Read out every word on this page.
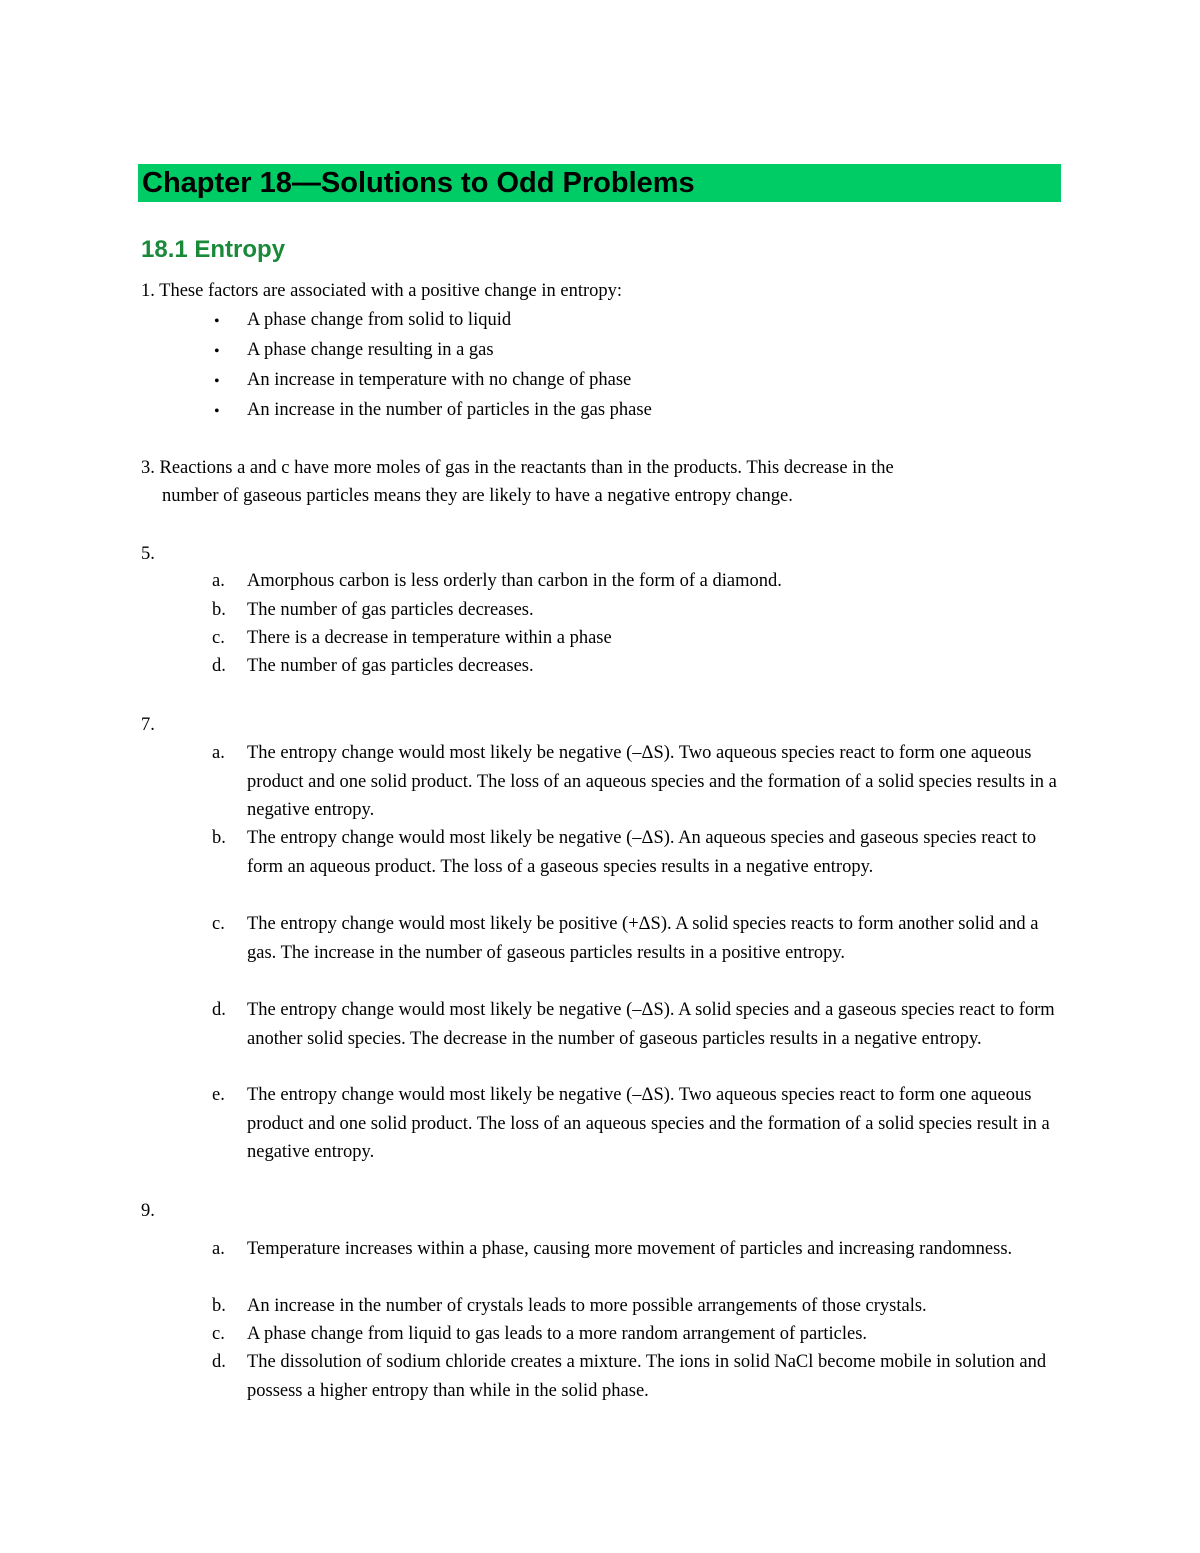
Chapter 18—Solutions to Odd Problems
18.1 Entropy
1. These factors are associated with a positive change in entropy:
• A phase change from solid to liquid
• A phase change resulting in a gas
• An increase in temperature with no change of phase
• An increase in the number of particles in the gas phase
3. Reactions a and c have more moles of gas in the reactants than in the products. This decrease in the
number of gaseous particles means they are likely to have a negative entropy change.
5.
a. Amorphous carbon is less orderly than carbon in the form of a diamond.
b. The number of gas particles decreases.
c. There is a decrease in temperature within a phase
d. The number of gas particles decreases.
7.
a. The entropy change would most likely be negative (–ΔS). Two aqueous species react to form one aqueous product and one solid product. The loss of an aqueous species and the formation of a solid species results in a negative entropy.
b. The entropy change would most likely be negative (–ΔS). An aqueous species and gaseous species react to form an aqueous product. The loss of a gaseous species results in a negative entropy.
c. The entropy change would most likely be positive (+ΔS). A solid species reacts to form another solid and a gas. The increase in the number of gaseous particles results in a positive entropy.
d. The entropy change would most likely be negative (–ΔS). A solid species and a gaseous species react to form another solid species. The decrease in the number of gaseous particles results in a negative entropy.
e. The entropy change would most likely be negative (–ΔS). Two aqueous species react to form one aqueous product and one solid product. The loss of an aqueous species and the formation of a solid species result in a negative entropy.
9.
a. Temperature increases within a phase, causing more movement of particles and increasing randomness.
b. An increase in the number of crystals leads to more possible arrangements of those crystals.
c. A phase change from liquid to gas leads to a more random arrangement of particles.
d. The dissolution of sodium chloride creates a mixture. The ions in solid NaCl become mobile in solution and possess a higher entropy than while in the solid phase.
